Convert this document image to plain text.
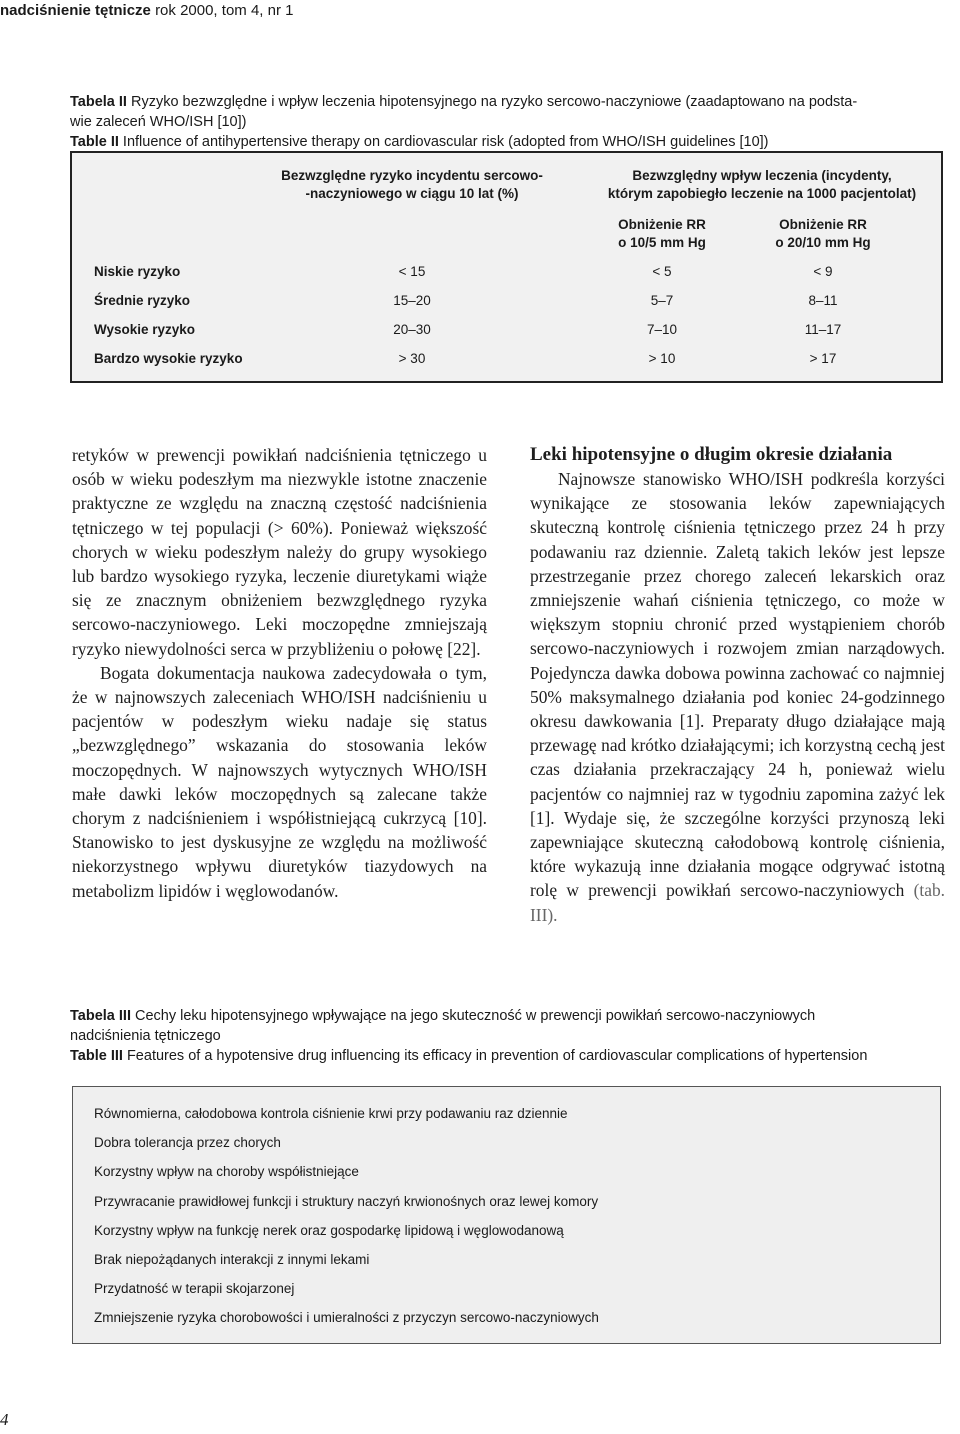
nadciśnienie tętnicze rok 2000, tom 4, nr 1
Tabela II Ryzyko bezwzględne i wpływ leczenia hipotensyjnego na ryzyko sercowo-naczyniowe (zaadaptowano na podsta-
wie zaleceń WHO/ISH [10])
Table II Influence of antihypertensive therapy on cardiovascular risk (adopted from WHO/ISH guidelines [10])
Bezwzględne ryzyko incydentu sercowo-
-naczyniowego w ciągu 10 lat (%)
Bezwzględny wpływ leczenia (incydenty,
którym zapobiegło leczenie na 1000 pacjentolat)
Obniżenie RR
o 10/5 mm Hg
Obniżenie RR
o 20/10 mm Hg
Niskie ryzyko	< 15	< 5	< 9
Średnie ryzyko	15–20	5–7	8–11
Wysokie ryzyko	20–30	7–10	11–17
Bardzo wysokie ryzyko	> 30	> 10	> 17

retyków w prewencji powikłań nadciśnienia tętniczego u osób w wieku podeszłym ma niezwykle istotne znaczenie praktyczne ze względu na znaczną częstość nadciśnienia tętniczego w tej populacji (> 60%). Ponieważ większość chorych w wieku podeszłym należy do grupy wysokiego lub bardzo wysokiego ryzyka, leczenie diuretykami wiąże się ze znacznym obniżeniem bezwzględnego ryzyka sercowo-naczyniowego. Leki moczopędne zmniejszają ryzyko niewydolności serca w przybliżeniu o połowę [22].

Bogata dokumentacja naukowa zadecydowała o tym, że w najnowszych zaleceniach WHO/ISH nadciśnieniu u pacjentów w podeszłym wieku nadaje się status „bezwzględnego” wskazania do stosowania leków moczopędnych. W najnowszych wytycznych WHO/ISH małe dawki leków moczopędnych są zalecane także chorym z nadciśnieniem i współistniejącą cukrzycą [10]. Stanowisko to jest dyskusyjne ze względu na możliwość niekorzystnego wpływu diuretyków tiazydowych na metabolizm lipidów i węglowodanów.

Leki hipotensyjne o długim okresie działania

Najnowsze stanowisko WHO/ISH podkreśla korzyści wynikające ze stosowania leków zapewniających skuteczną kontrolę ciśnienia tętniczego przez 24 h przy podawaniu raz dziennie. Zaletą takich leków jest lepsze przestrzeganie przez chorego zaleceń lekarskich oraz zmniejszenie wahań ciśnienia tętniczego, co może w większym stopniu chronić przed wystąpieniem chorób sercowo-naczyniowych i rozwojem zmian narządowych. Pojedyncza dawka dobowa powinna zachować co najmniej 50% maksymalnego działania pod koniec 24-godzinnego okresu dawkowania [1]. Preparaty długo działające mają przewagę nad krótko działającymi; ich korzystną cechą jest czas działania przekraczający 24 h, ponieważ wielu pacjentów co najmniej raz w tygodniu zapomina zażyć lek [1]. Wydaje się, że szczególne korzyści przynoszą leki zapewniające skuteczną całodobową kontrolę ciśnienia, które wykazują inne działania mogące odgrywać istotną rolę w prewencji powikłań sercowo-naczyniowych (tab. III).

Tabela III Cechy leku hipotensyjnego wpływające na jego skuteczność w prewencji powikłań sercowo-naczyniowych
nadciśnienia tętniczego
Table III Features of a hypotensive drug influencing its efficacy in prevention of cardiovascular complications of hypertension
Równomierna, całodobowa kontrola ciśnienie krwi przy podawaniu raz dziennie
Dobra tolerancja przez chorych
Korzystny wpływ na choroby współistniejące
Przywracanie prawidłowej funkcji i struktury naczyń krwionośnych oraz lewej komory
Korzystny wpływ na funkcję nerek oraz gospodarkę lipidową i węglowodanową
Brak niepożądanych interakcji z innymi lekami
Przydatność w terapii skojarzonej
Zmniejszenie ryzyka chorobowości i umieralności z przyczyn sercowo-naczyniowych
4
